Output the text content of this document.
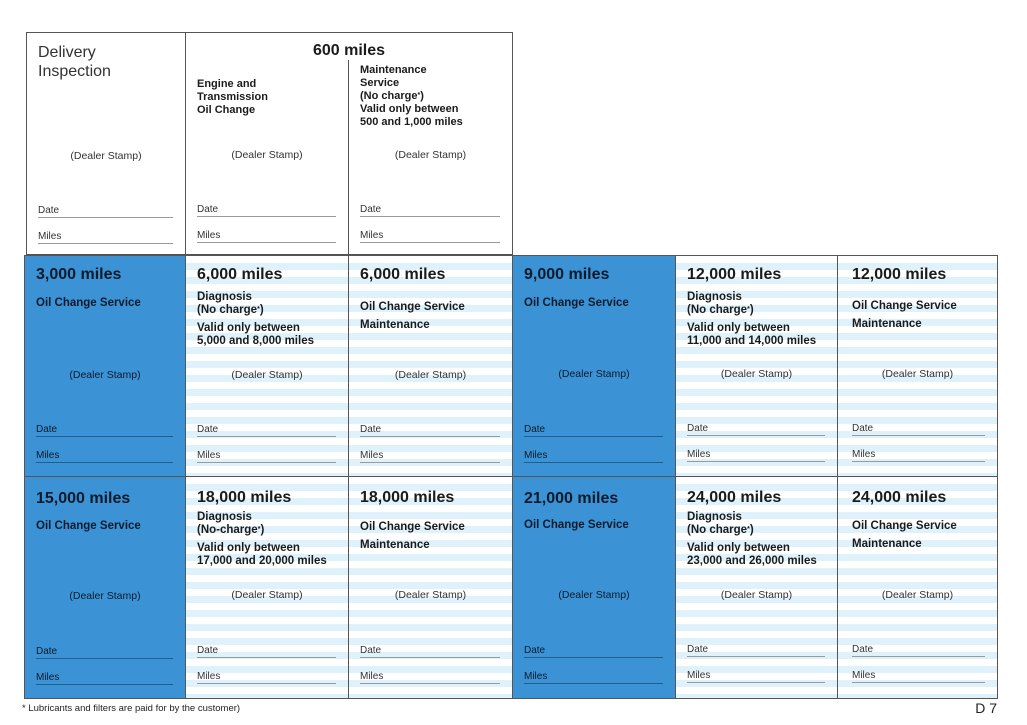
Delivery
Inspection
(Dealer Stamp)
Date
Miles
600 miles
Engine and
Transmission
Oil Change
(Dealer Stamp)
Date
Miles
Maintenance
Service
(No charge*)
Valid only between
500 and 1,000 miles
(Dealer Stamp)
Date
Miles
3,000 miles
Oil Change Service
(Dealer Stamp)
Date
Miles
6,000 miles
Diagnosis
(No charge*)
Valid only between
5,000 and 8,000 miles
(Dealer Stamp)
Date
Miles
6,000 miles
Oil Change Service
Maintenance
(Dealer Stamp)
Date
Miles
9,000 miles
Oil Change Service
(Dealer Stamp)
Date
Miles
12,000 miles
Diagnosis
(No charge*)
Valid only between
11,000 and 14,000 miles
(Dealer Stamp)
Date
Miles
12,000 miles
Oil Change Service
Maintenance
(Dealer Stamp)
Date
Miles
15,000 miles
Oil Change Service
(Dealer Stamp)
Date
Miles
18,000 miles
Diagnosis
(No-charge*)
Valid only between
17,000 and 20,000 miles
(Dealer Stamp)
Date
Miles
18,000 miles
Oil Change Service
Maintenance
(Dealer Stamp)
Date
Miles
21,000 miles
Oil Change Service
(Dealer Stamp)
Date
Miles
24,000 miles
Diagnosis
(No charge*)
Valid only between
23,000 and 26,000 miles
(Dealer Stamp)
Date
Miles
24,000 miles
Oil Change Service
Maintenance
(Dealer Stamp)
Date
Miles
* Lubricants and filters are paid for by the customer)	D 7
